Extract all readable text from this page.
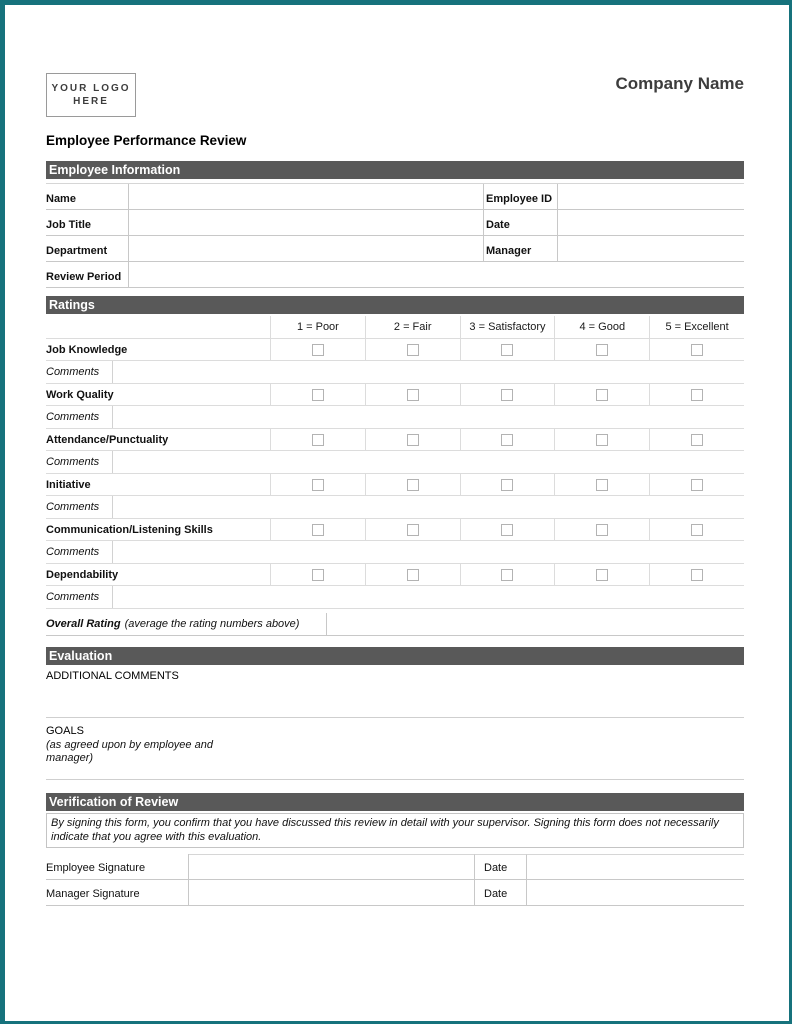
YOUR LOGO
HERE
Company Name
Employee Performance Review
Employee Information
Name	Employee ID
Job Title	Date
Department	Manager
Review Period
Ratings
1 = Poor	2 = Fair	3 = Satisfactory	4 = Good	5 = Excellent
Job Knowledge
Comments
Work Quality
Comments
Attendance/Punctuality
Comments
Initiative
Comments
Communication/Listening Skills
Comments
Dependability
Comments
Overall Rating (average the rating numbers above)
Evaluation
ADDITIONAL COMMENTS
GOALS
(as agreed upon by employee and manager)
Verification of Review
By signing this form, you confirm that you have discussed this review in detail with your supervisor. Signing this form does not necessarily indicate that you agree with this evaluation.
Employee Signature	Date
Manager Signature	Date
